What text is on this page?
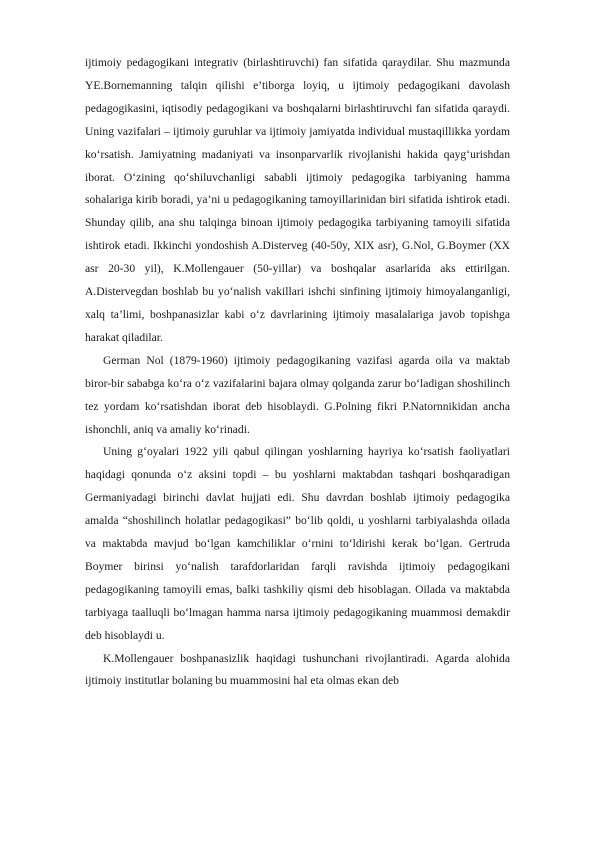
ijtimoiy pedagogikani integrativ (birlashtiruvchi) fan sifatida qaraydilar. Shu mazmunda YE.Bornemanning talqin qilishi e’tiborga loyiq, u ijtimoiy pedagogikani davolash pedagogikasini, iqtisodiy pedagogikani va boshqalarni birlashtiruvchi fan sifatida qaraydi. Uning vazifalari – ijtimoiy guruhlar va ijtimoiy jamiyatda individual mustaqillikka yordam ko‘rsatish. Jamiyatning madaniyati va insonparvarlik rivojlanishi hakida qayg‘urishdan iborat. O‘zining qo‘shiluvchanligi sababli ijtimoiy pedagogika tarbiyaning hamma sohalariga kirib boradi, ya’ni u pedagogikaning tamoyillarinidan biri sifatida ishtirok etadi. Shunday qilib, ana shu talqinga binoan ijtimoiy pedagogika tarbiyaning tamoyili sifatida ishtirok etadi. Ikkinchi yondoshish A.Disterveg (40-50y, XIX asr), G.Nol, G.Boymer (XX asr 20-30 yil), K.Mollengauer (50-yillar) va boshqalar asarlarida aks ettirilgan. A.Distervegdan boshlab bu yo‘nalish vakillari ishchi sinfining ijtimoiy himoyalanganligi, xalq ta’limi, boshpanasizlar kabi o‘z davrlarining ijtimoiy masalalariga javob topishga harakat qiladilar.

German Nol (1879-1960) ijtimoiy pedagogikaning vazifasi agarda oila va maktab biror-bir sababga ko‘ra o‘z vazifalarini bajara olmay qolganda zarur bo‘ladigan shoshilinch tez yordam ko‘rsatishdan iborat deb hisoblaydi. G.Polning fikri P.Natornnikidan ancha ishonchli, aniq va amaliy ko‘rinadi.

Uning g‘oyalari 1922 yili qabul qilingan yoshlarning hayriya ko‘rsatish faoliyatlari haqidagi qonunda o‘z aksini topdi – bu yoshlarni maktabdan tashqari boshqaradigan Germaniyadagi birinchi davlat hujjati edi. Shu davrdan boshlab ijtimoiy pedagogika amalda “shoshilinch holatlar pedagogikasi” bo‘lib qoldi, u yoshlarni tarbiyalashda oilada va maktabda mavjud bo‘lgan kamchiliklar o‘rnini to‘ldirishi kerak bo‘lgan. Gertruda Boymer birinsi yo‘nalish tarafdorlaridan farqli ravishda ijtimoiy pedagogikani pedagogikaning tamoyili emas, balki tashkiliy qismi deb hisoblagan. Oilada va maktabda tarbiyaga taalluqli bo‘lmagan hamma narsa ijtimoiy pedagogikaning muammosi demakdir deb hisoblaydi u.

K.Mollengauer boshpanasizlik haqidagi tushunchani rivojlantiradi. Agarda alohida ijtimoiy institutlar bolaning bu muammosini hal eta olmas ekan deb
